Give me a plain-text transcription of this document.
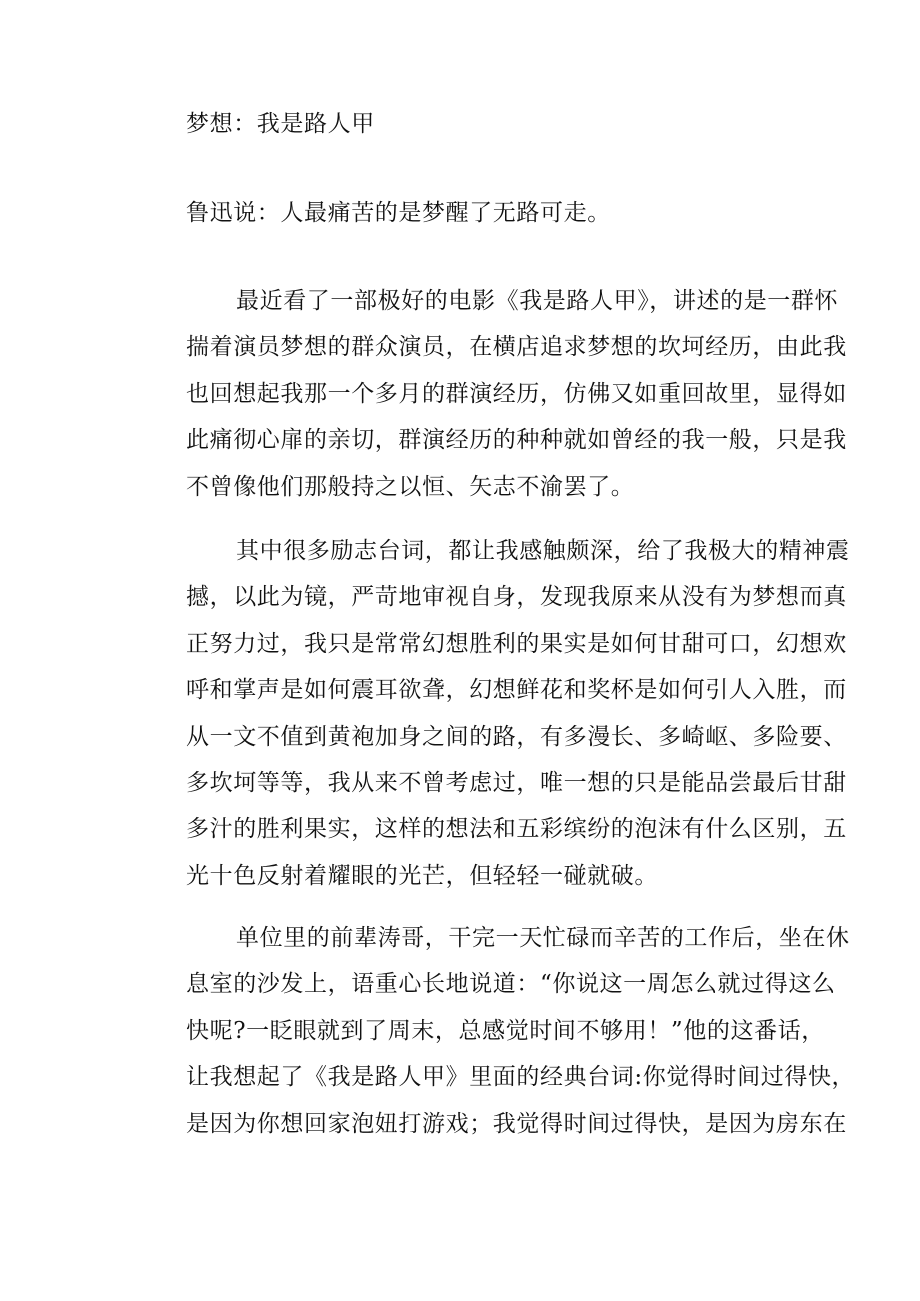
梦想：我是路人甲

鲁迅说：人最痛苦的是梦醒了无路可走。

最近看了一部极好的电影《我是路人甲》，讲述的是一群怀
揣着演员梦想的群众演员，在横店追求梦想的坎坷经历，由此我
也回想起我那一个多月的群演经历，仿佛又如重回故里，显得如
此痛彻心扉的亲切，群演经历的种种就如曾经的我一般，只是我
不曾像他们那般持之以恒、矢志不渝罢了。
其中很多励志台词，都让我感触颇深，给了我极大的精神震
撼，以此为镜，严苛地审视自身，发现我原来从没有为梦想而真
正努力过，我只是常常幻想胜利的果实是如何甘甜可口，幻想欢
呼和掌声是如何震耳欲聋，幻想鲜花和奖杯是如何引人入胜，而
从一文不值到黄袍加身之间的路，有多漫长、多崎岖、多险要、
多坎坷等等，我从来不曾考虑过，唯一想的只是能品尝最后甘甜
多汁的胜利果实，这样的想法和五彩缤纷的泡沫有什么区别，五
光十色反射着耀眼的光芒，但轻轻一碰就破。
单位里的前辈涛哥，干完一天忙碌而辛苦的工作后，坐在休
息室的沙发上，语重心长地说道：“你说这一周怎么就过得这么
快呢?一眨眼就到了周末，总感觉时间不够用！”他的这番话，
让我想起了《我是路人甲》里面的经典台词:你觉得时间过得快，
是因为你想回家泡妞打游戏；我觉得时间过得快，是因为房东在
